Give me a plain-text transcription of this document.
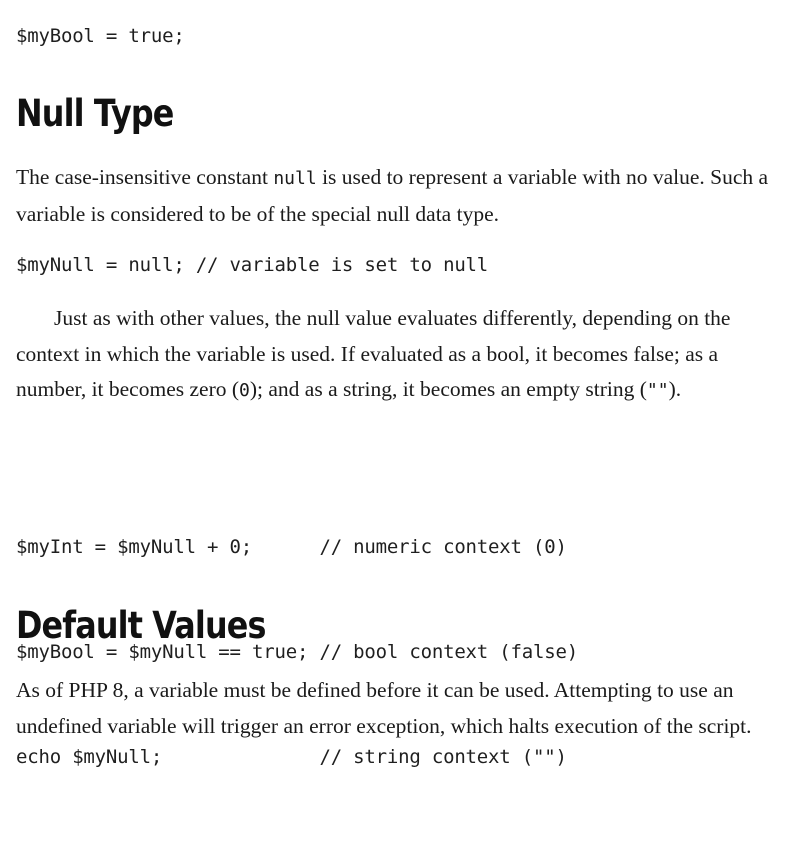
$myBool = true;
Null Type

The case-insensitive constant null is used to represent a variable with no value. Such a variable is considered to be of the special null data type.

$myNull = null; // variable is set to null

Just as with other values, the null value evaluates differently, depending on the context in which the variable is used. If evaluated as a bool, it becomes false; as a number, it becomes zero (0); and as a string, it becomes an empty string ("").

$myInt = $myNull + 0;      // numeric context (0)

$myBool = $myNull == true; // bool context (false)

echo $myNull;              // string context ("")

Default Values

As of PHP 8, a variable must be defined before it can be used. Attempting to use an undefined variable will trigger an error exception, which halts execution of the script.
